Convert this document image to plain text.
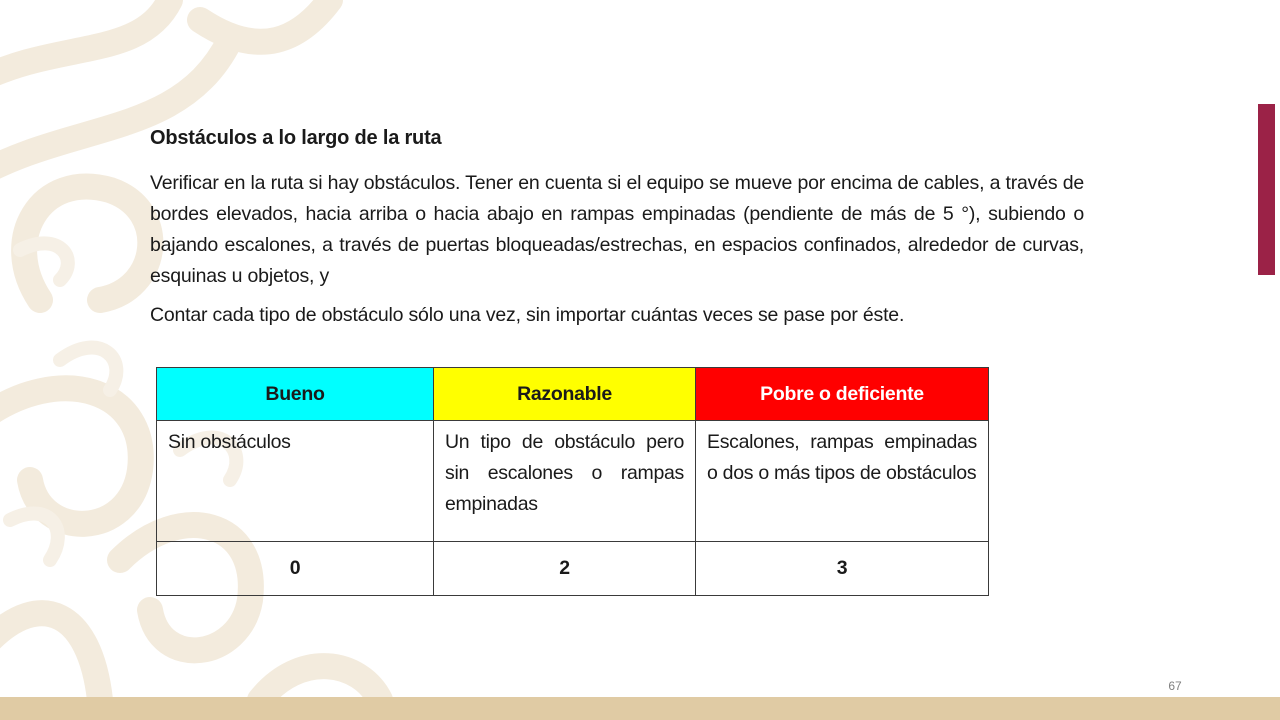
Obstáculos a lo largo de la ruta

Verificar en la ruta si hay obstáculos. Tener en cuenta si el equipo se mueve por encima de cables, a través de bordes elevados, hacia arriba o hacia abajo en rampas empinadas (pendiente de más de 5 °), subiendo o bajando escalones, a través de puertas bloqueadas/estrechas, en espacios confinados, alrededor de curvas, esquinas u objetos, y

Contar cada tipo de obstáculo sólo una vez, sin importar cuántas veces se pase por éste.

Bueno	Razonable	Pobre o deficiente
Sin obstáculos	Un tipo de obstáculo pero sin escalones o rampas empinadas	Escalones, rampas empinadas o dos o más tipos de obstáculos
0	2	3
67
